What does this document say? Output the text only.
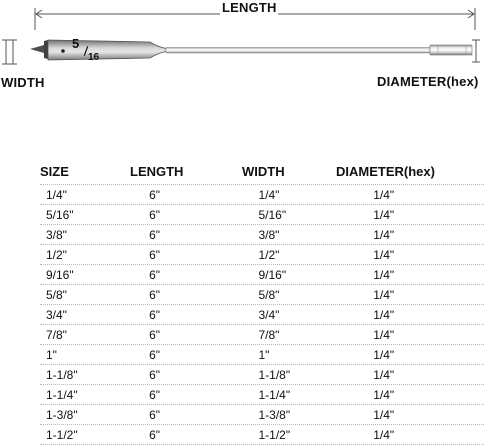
LENGTH
5
16
WIDTH	DIAMETER(hex)
SIZE	LENGTH	WIDTH	DIAMETER(hex)
1/4"	6"	1/4"	1/4"
5/16"	6"	5/16"	1/4"
3/8"	6"	3/8"	1/4"
1/2"	6"	1/2"	1/4"
9/16"	6"	9/16"	1/4"
5/8"	6"	5/8"	1/4"
3/4"	6"	3/4"	1/4"
7/8"	6"	7/8"	1/4"
1"	6"	1"	1/4"
1-1/8"	6"	1-1/8"	1/4"
1-1/4"	6"	1-1/4"	1/4"
1-3/8"	6"	1-3/8"	1/4"
1-1/2"	6"	1-1/2"	1/4"
